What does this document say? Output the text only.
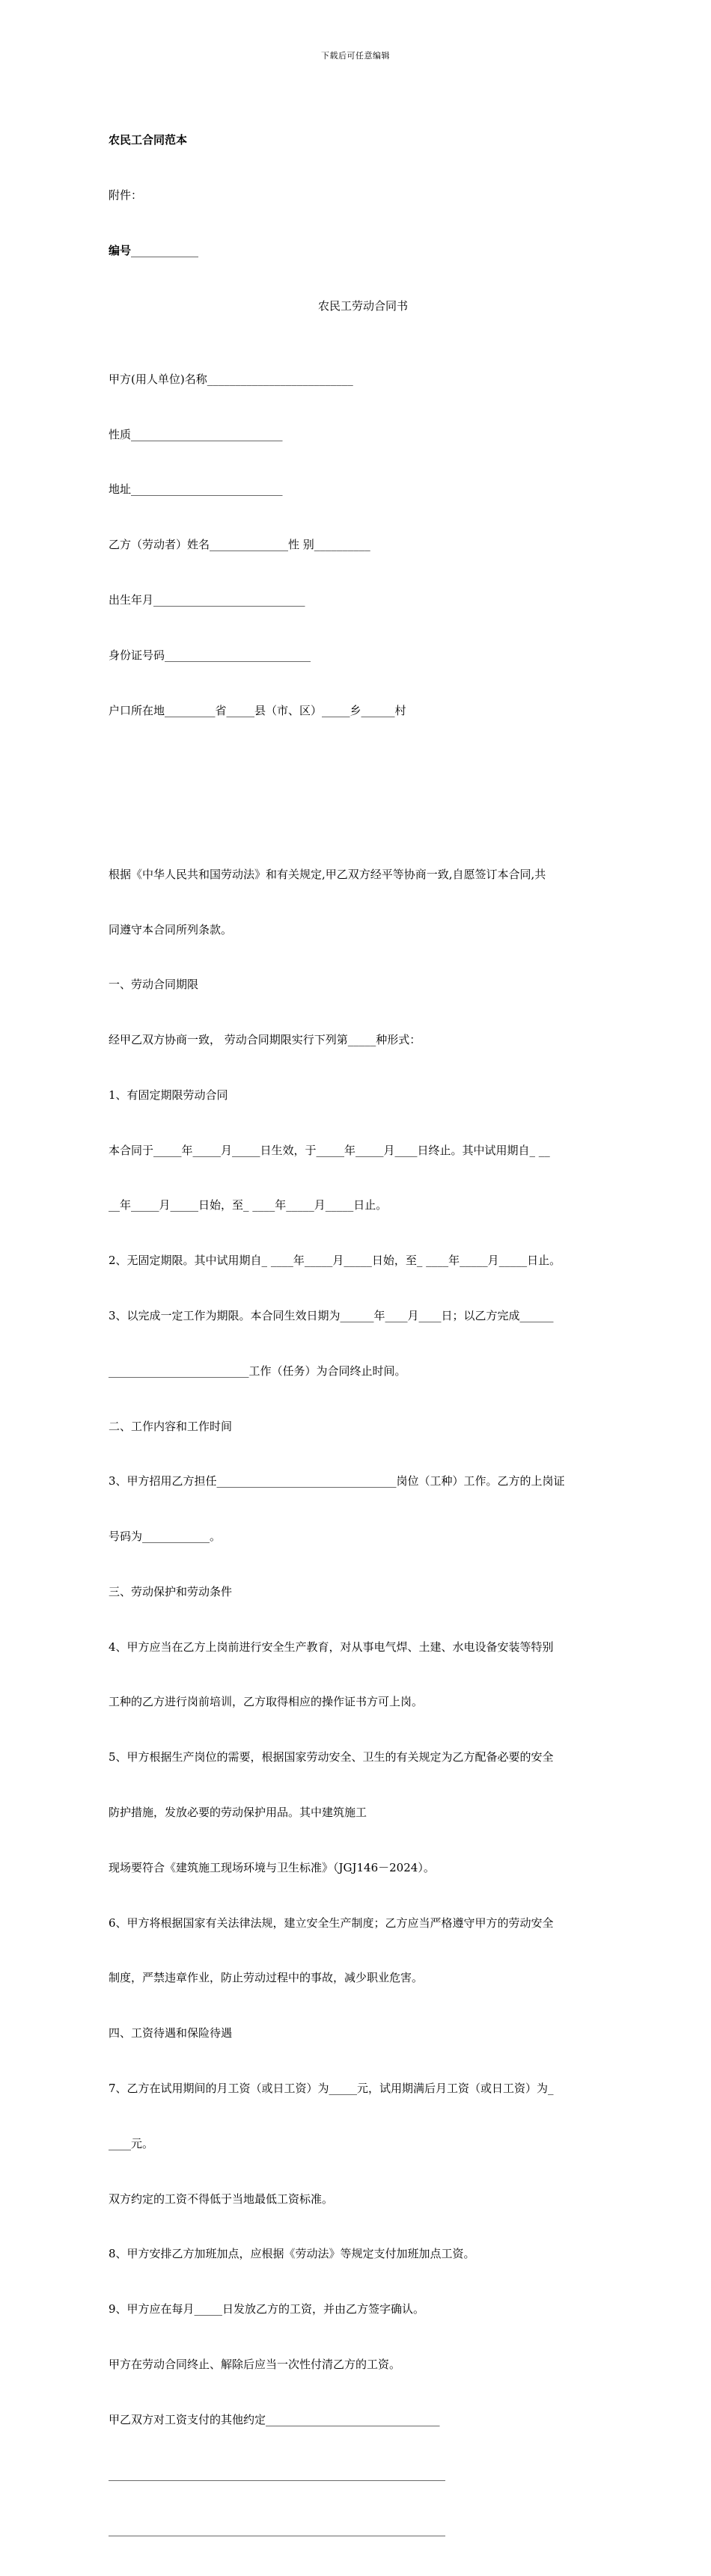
下载后可任意编辑

农民工合同范本

附件：

编号____________

农民工劳动合同书

甲方(用人单位)名称__________________________

性质___________________________

地址___________________________

乙方（劳动者）姓名______________性 别__________

出生年月___________________________

身份证号码__________________________

户口所在地_________省_____县（市、区）_____乡______村

根据《中华人民共和国劳动法》和有关规定,甲乙双方经平等协商一致,自愿签订本合同,共

同遵守本合同所列条款。

一、劳动合同期限

经甲乙双方协商一致， 劳动合同期限实行下列第_____种形式：

1、有固定期限劳动合同

本合同于_____年_____月_____日生效，于_____年_____月____日终止。其中试用期自_ __

__年_____月_____日始，至_ ____年_____月_____日止。

2、无固定期限。其中试用期自_ ____年_____月_____日始，至_ ____年_____月_____日止。

3、以完成一定工作为期限。本合同生效日期为______年____月____日；以乙方完成______

_________________________工作（任务）为合同终止时间。

二、工作内容和工作时间

3、甲方招用乙方担任________________________________岗位（工种）工作。乙方的上岗证

号码为____________。

三、劳动保护和劳动条件

4、甲方应当在乙方上岗前进行安全生产教育，对从事电气焊、土建、水电设备安装等特别

工种的乙方进行岗前培训，乙方取得相应的操作证书方可上岗。

5、甲方根据生产岗位的需要，根据国家劳动安全、卫生的有关规定为乙方配备必要的安全

防护措施，发放必要的劳动保护用品。其中建筑施工

现场要符合《建筑施工现场环境与卫生标准》（JGJ146－2024）。

6、甲方将根据国家有关法律法规，建立安全生产制度；乙方应当严格遵守甲方的劳动安全

制度，严禁违章作业，防止劳动过程中的事故，减少职业危害。

四、工资待遇和保险待遇

7、乙方在试用期间的月工资（或日工资）为_____元，试用期满后月工资（或日工资）为_

____元。

双方约定的工资不得低于当地最低工资标准。

8、甲方安排乙方加班加点，应根据《劳动法》等规定支付加班加点工资。

9、甲方应在每月_____日发放乙方的工资，并由乙方签字确认。

甲方在劳动合同终止、解除后应当一次性付清乙方的工资。

甲乙双方对工资支付的其他约定_______________________________

____________________________________________________________

____________________________________________________________
